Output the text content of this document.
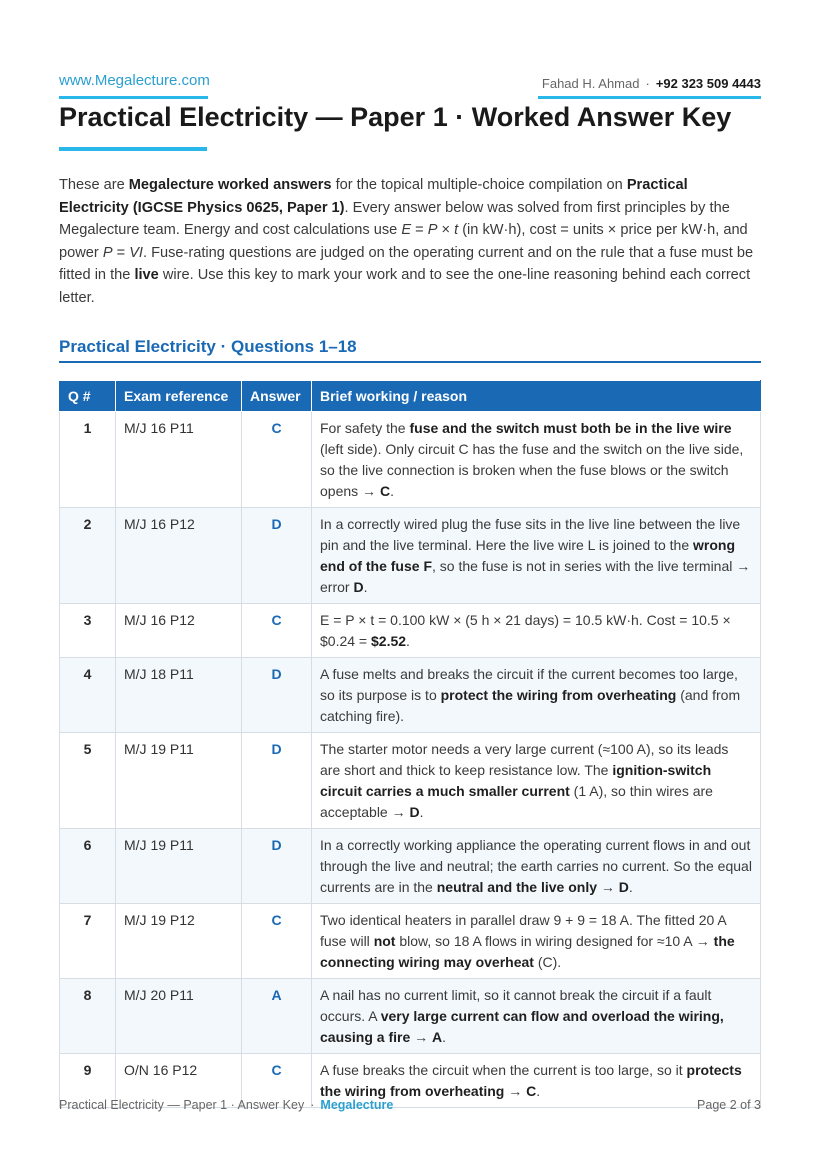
www.Megalecture.com	Fahad H. Ahmad · +92 323 509 4443
Practical Electricity — Paper 1 · Worked Answer Key

These are Megalecture worked answers for the topical multiple-choice compilation on Practical Electricity (IGCSE Physics 0625, Paper 1). Every answer below was solved from first principles by the Megalecture team. Energy and cost calculations use E = P × t (in kW·h), cost = units × price per kW·h, and power P = VI. Fuse-rating questions are judged on the operating current and on the rule that a fuse must be fitted in the live wire. Use this key to mark your work and to see the one-line reasoning behind each correct letter.

Practical Electricity · Questions 1–18
Q #	Exam reference	Answer	Brief working / reason
1	M/J 16 P11	C	For safety the fuse and the switch must both be in the live wire (left side). Only circuit C has the fuse and the switch on the live side, so the live connection is broken when the fuse blows or the switch opens → C.
2	M/J 16 P12	D	In a correctly wired plug the fuse sits in the live line between the live pin and the live terminal. Here the live wire L is joined to the wrong end of the fuse F, so the fuse is not in series with the live terminal → error D.
3	M/J 16 P12	C	E = P × t = 0.100 kW × (5 h × 21 days) = 10.5 kW·h. Cost = 10.5 × $0.24 = $2.52.
4	M/J 18 P11	D	A fuse melts and breaks the circuit if the current becomes too large, so its purpose is to protect the wiring from overheating (and from catching fire).
5	M/J 19 P11	D	The starter motor needs a very large current (≈100 A), so its leads are short and thick to keep resistance low. The ignition-switch circuit carries a much smaller current (1 A), so thin wires are acceptable → D.
6	M/J 19 P11	D	In a correctly working appliance the operating current flows in and out through the live and neutral; the earth carries no current. So the equal currents are in the neutral and the live only → D.
7	M/J 19 P12	C	Two identical heaters in parallel draw 9 + 9 = 18 A. The fitted 20 A fuse will not blow, so 18 A flows in wiring designed for ≈10 A → the connecting wiring may overheat (C).
8	M/J 20 P11	A	A nail has no current limit, so it cannot break the circuit if a fault occurs. A very large current can flow and overload the wiring, causing a fire → A.
9	O/N 16 P12	C	A fuse breaks the circuit when the current is too large, so it protects the wiring from overheating → C.
Practical Electricity — Paper 1 · Answer Key · Megalecture	Page 2 of 3
